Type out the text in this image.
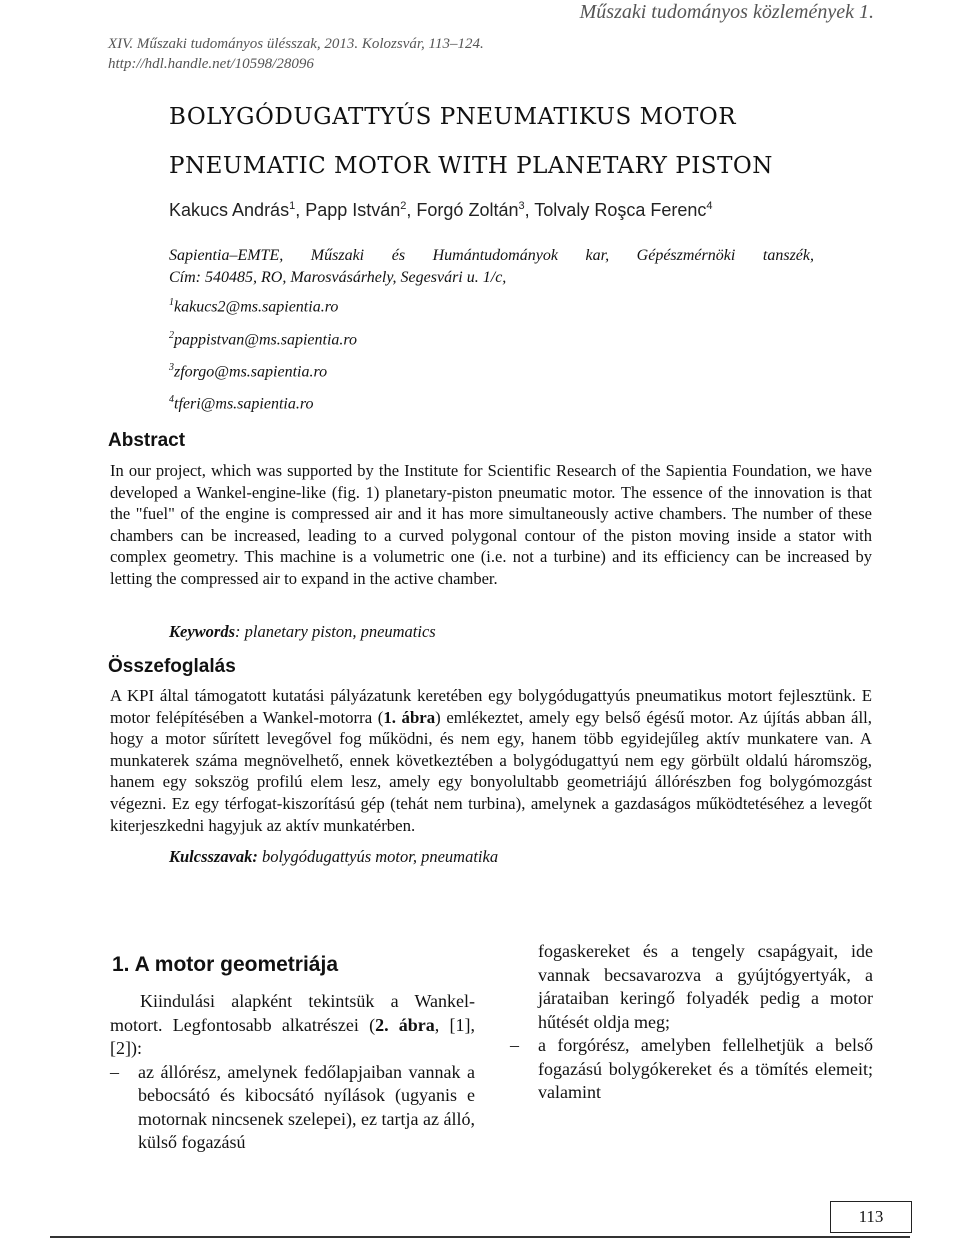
XIV. Műszaki tudományos ülésszak, 2013. Kolozsvár, 113–124.
http://hdl.handle.net/10598/28096
Műszaki tudományos közlemények 1.
BOLYGÓDUGATTYÚS PNEUMATIKUS MOTOR
PNEUMATIC MOTOR WITH PLANETARY PISTON
Kakucs András$^1$, Papp István$^2$, Forgó Zoltán$^3$, Tolvaly Roşca Ferenc$^4$
Sapientia–EMTE, Műszaki és Humántudományok kar, Gépészmérnöki tanszék,
Cím: 540485, RO, Marosvásárhely, Segesvári u. 1/c,
$^1$kakucs2@ms.sapientia.ro
$^2$pappistvan@ms.sapientia.ro
$^3$zforgo@ms.sapientia.ro
$^4$tferi@ms.sapientia.ro
Abstract
In our project, which was supported by the Institute for Scientific Research of the Sapientia Foundation, we have developed a Wankel-engine-like (fig. 1) planetary-piston pneumatic motor. The essence of the innovation is that the "fuel" of the engine is compressed air and it has more simultaneously active chambers. The number of these chambers can be increased, leading to a curved polygonal contour of the piston moving inside a stator with complex geometry. This machine is a volumetric one (i.e. not a turbine) and its efficiency can be increased by letting the compressed air to expand in the active chamber.
Keywords: planetary piston, pneumatics
Összefoglalás
A KPI által támogatott kutatási pályázatunk keretében egy bolygódugattyús pneumatikus motort fejlesztünk. E motor felépítésében a Wankel-motorra (1. ábra) emlékeztet, amely egy belső égésű motor. Az újítás abban áll, hogy a motor sűrített levegővel fog működni, és nem egy, hanem több egyidejűleg aktív munkatere van. A munkaterek száma megnövelhető, ennek következtében a bolygódugattyú nem egy görbült oldalú háromszög, hanem egy sokszög profilú elem lesz, amely egy bonyolultabb geometriájú állórészben fog bolygómozgást végezni. Ez egy térfogat-kiszorítású gép (tehát nem turbina), amelynek a gazdaságos működtetéséhez a levegőt kiterjeszkedni hagyjuk az aktív munkatérben.
Kulcsszavak: bolygódugattyús motor, pneumatika
1. A motor geometriája
Kiindulási alapként tekintsük a Wankel-motort. Legfontosabb alkatrészei (2. ábra, [1], [2]):
–	az állórész, amelynek fedőlapjaiban vannak a bebocsátó és kibocsátó nyílások (ugyanis e motornak nincsenek szelepei), ez tartja az álló, külső fogazású
fogaskereket és a tengely csapágyait, ide vannak becsavarozva a gyújtógyertyák, a járataiban keringő folyadék pedig a motor hűtését oldja meg;
–	a forgórész, amelyben fellelhetjük a belső fogazású bolygókereket és a tömítés elemeit; valamint
113
